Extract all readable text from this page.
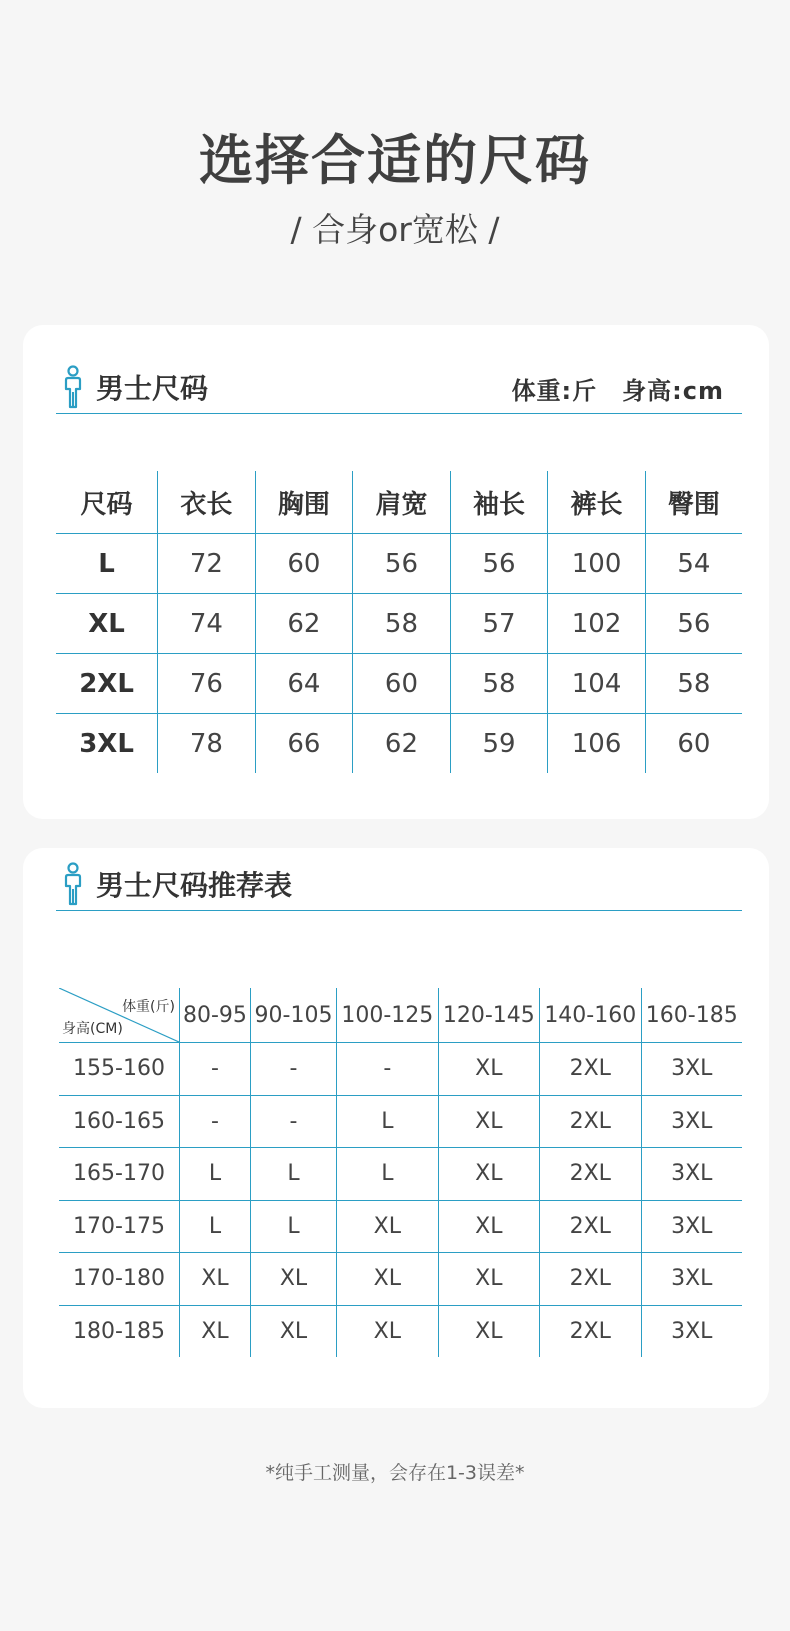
选择合适的尺码
/ 合身or宽松 /
男士尺码	体重:斤　身高:cm
尺码	衣长	胸围	肩宽	袖长	裤长	臀围
L	72	60	56	56	100	54
XL	74	62	58	57	102	56
2XL	76	64	60	58	104	58
3XL	78	66	62	59	106	60
男士尺码推荐表
体重(斤)
身高(CM)	80-95	90-105	100-125	120-145	140-160	160-185
155-160	-	-	-	XL	2XL	3XL
160-165	-	-	L	XL	2XL	3XL
165-170	L	L	L	XL	2XL	3XL
170-175	L	L	XL	XL	2XL	3XL
170-180	XL	XL	XL	XL	2XL	3XL
180-185	XL	XL	XL	XL	2XL	3XL
*纯手工测量，会存在1-3误差*
